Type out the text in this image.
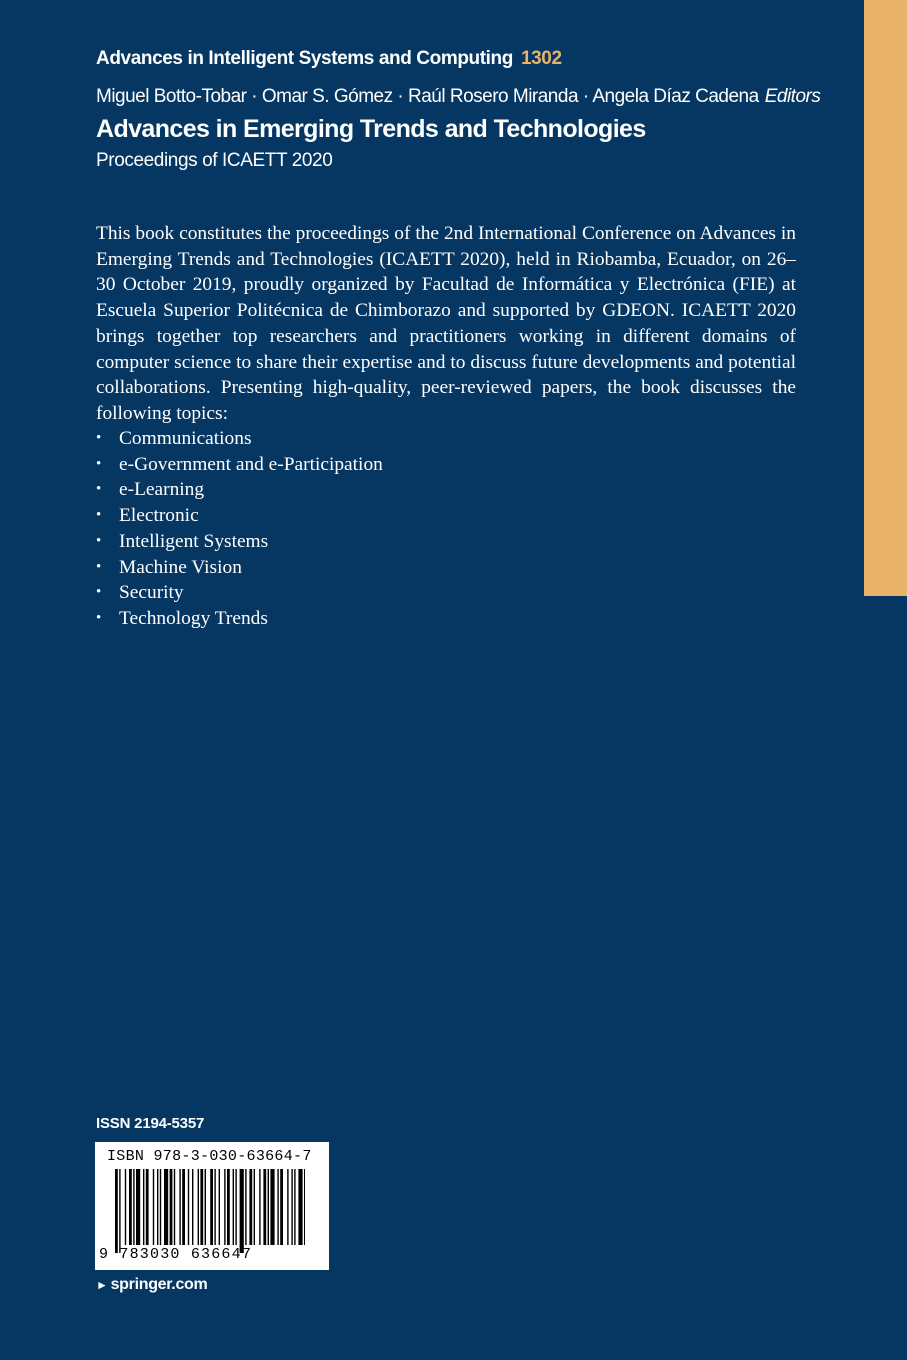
Advances in Intelligent Systems and Computing 1302
Miguel Botto-Tobar · Omar S. Gómez · Raúl Rosero Miranda · Angela Díaz Cadena Editors
Advances in Emerging Trends and Technologies
Proceedings of ICAETT 2020

This book constitutes the proceedings of the 2nd International Conference on Advances in Emerging Trends and Technologies (ICAETT 2020), held in Riobamba, Ecuador, on 26–30 October 2019, proudly organized by Facultad de Informática y Electrónica (FIE) at Escuela Superior Politécnica de Chimborazo and supported by GDEON. ICAETT 2020 brings together top researchers and practitioners working in different domains of computer science to share their expertise and to discuss future developments and potential collaborations. Presenting high-quality, peer-reviewed papers, the book discusses the following topics:

• Communications
• e-Government and e-Participation
• e-Learning
• Electronic
• Intelligent Systems
• Machine Vision
• Security
• Technology Trends
ISSN 2194-5357
ISBN 978-3-030-63664-7
9 783030 636647
► springer.com
